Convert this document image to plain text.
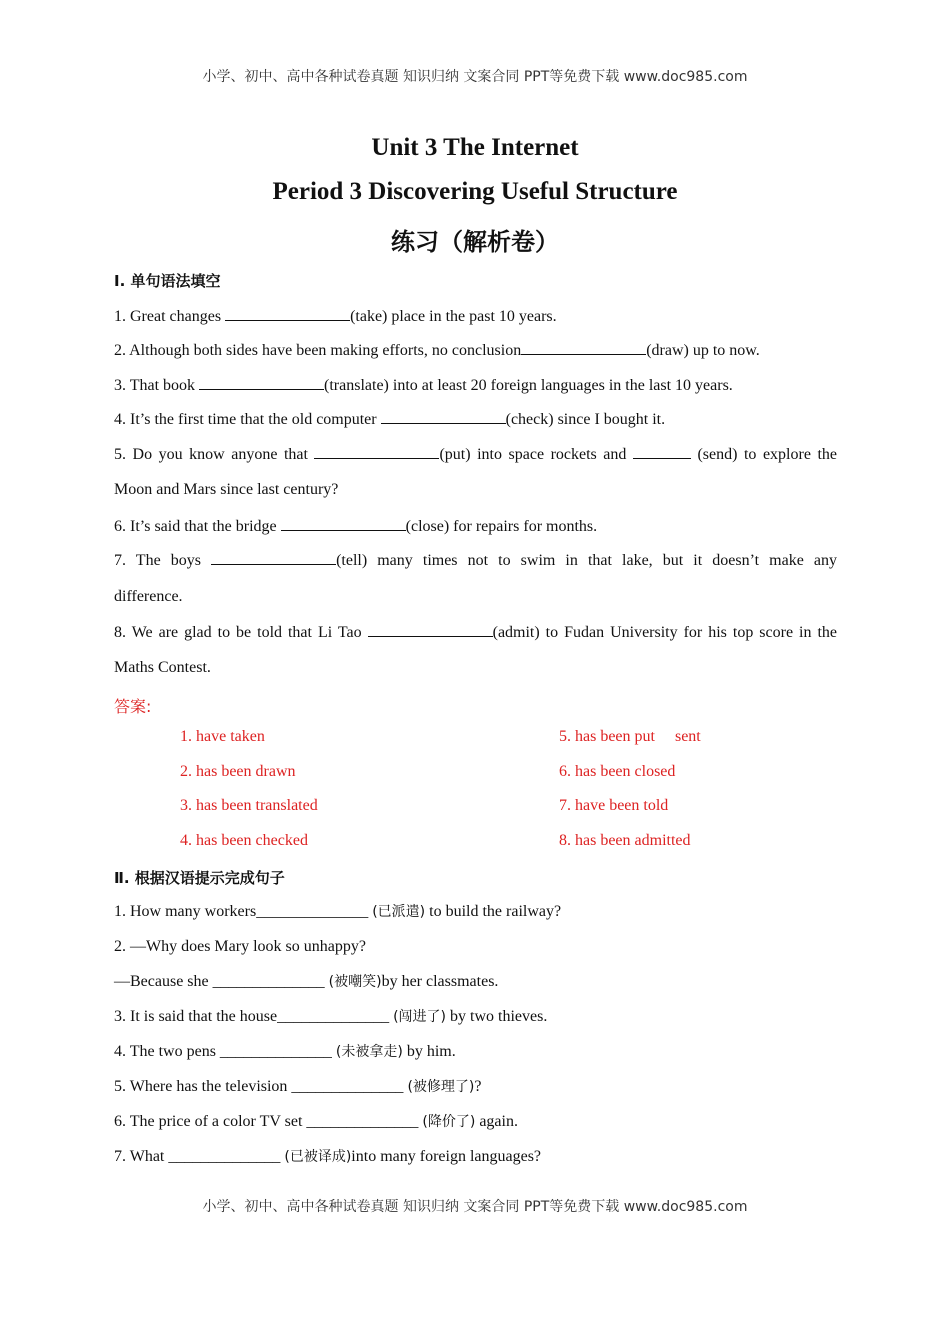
小学、初中、高中各种试卷真题 知识归纳 文案合同 PPT等免费下载 www.doc985.com
Unit 3 The Internet
Period 3 Discovering Useful Structure
练习（解析卷）
Ⅰ. 单句语法填空
1. Great changes	(take) place in the past 10 years.
2. Although both sides have been making efforts, no conclusion	(draw) up to now.
3. That book	(translate) into at least 20 foreign languages in the last 10 years.
4. It’s the first time that the old computer	(check) since I bought it.
5. Do you know anyone that	(put) into space rockets and	(send) to explore the
Moon and Mars since last century?
6. It’s said that the bridge	(close) for repairs for months.
7. The boys	(tell) many times not to swim in that lake, but it doesn’t make any
difference.
8. We are glad to be told that Li Tao	(admit) to Fudan University for his top score in the
Maths Contest.
答案:
1. have taken
2. has been drawn
3. has been translated
4. has been checked
5. has been put     sent
6. has been closed
7. have been told
8. has been admitted
Ⅱ. 根据汉语提示完成句子
1. How many workers______________ (已派遣) to build the railway?
2. —Why does Mary look so unhappy?
—Because she ______________ (被嘲笑)by her classmates.
3. It is said that the house______________ (闯进了) by two thieves.
4. The two pens ______________ (未被拿走) by him.
5. Where has the television ______________ (被修理了)?
6. The price of a color TV set ______________ (降价了) again.
7. What ______________ (已被译成)into many foreign languages?
小学、初中、高中各种试卷真题 知识归纳 文案合同 PPT等免费下载 www.doc985.com
